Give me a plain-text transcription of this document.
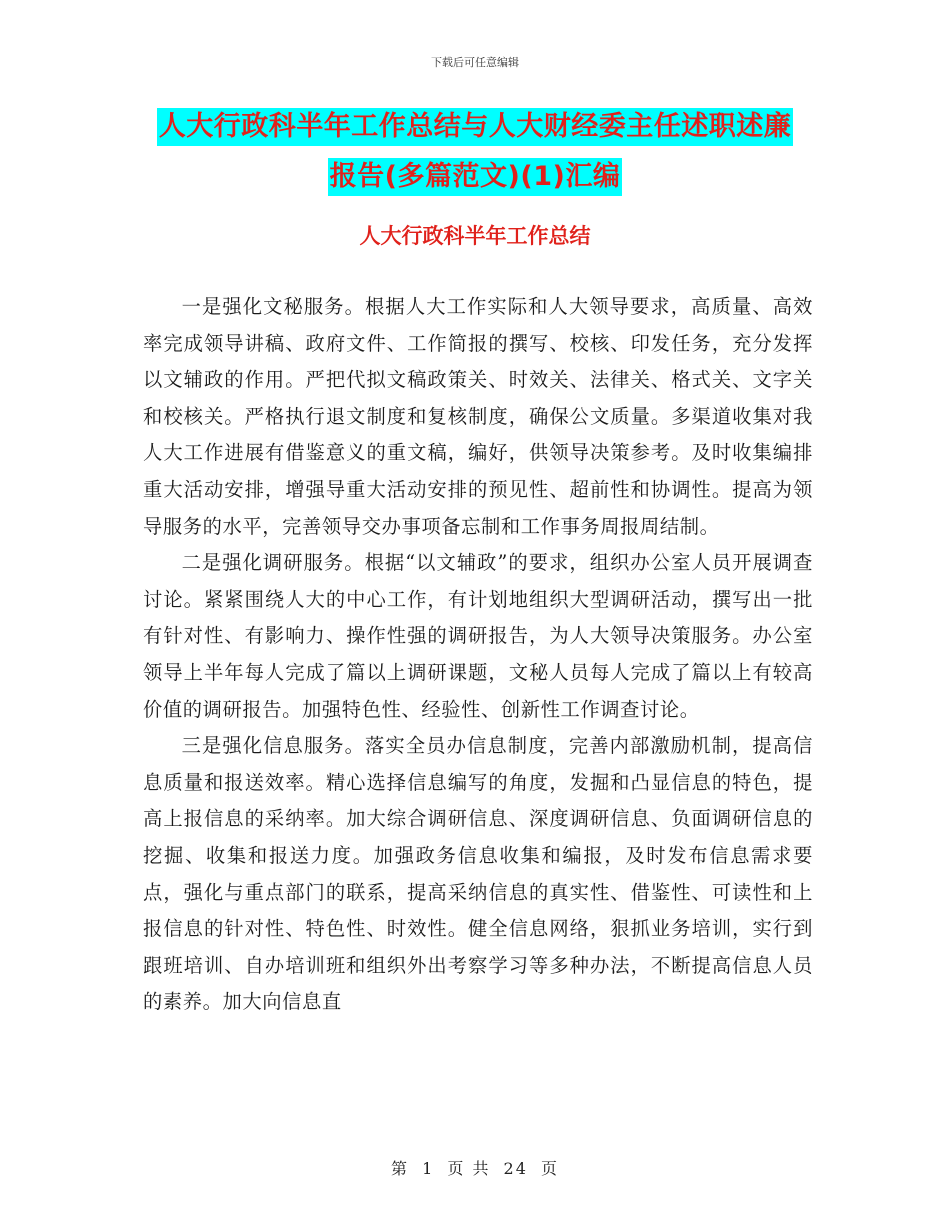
下载后可任意编辑
人大行政科半年工作总结与人大财经委主任述职述廉
报告(多篇范文)(1)汇编
人大行政科半年工作总结

一是强化文秘服务。根据人大工作实际和人大领导要求，高质量、高效率完成领导讲稿、政府文件、工作简报的撰写、校核、印发任务，充分发挥以文辅政的作用。严把代拟文稿政策关、时效关、法律关、格式关、文字关和校核关。严格执行退文制度和复核制度，确保公文质量。多渠道收集对我人大工作进展有借鉴意义的重文稿，编好，供领导决策参考。及时收集编排重大活动安排，增强导重大活动安排的预见性、超前性和协调性。提高为领导服务的水平，完善领导交办事项备忘制和工作事务周报周结制。

二是强化调研服务。根据“以文辅政”的要求，组织办公室人员开展调查讨论。紧紧围绕人大的中心工作，有计划地组织大型调研活动，撰写出一批有针对性、有影响力、操作性强的调研报告，为人大领导决策服务。办公室领导上半年每人完成了篇以上调研课题，文秘人员每人完成了篇以上有较高价值的调研报告。加强特色性、经验性、创新性工作调查讨论。

三是强化信息服务。落实全员办信息制度，完善内部激励机制，提高信息质量和报送效率。精心选择信息编写的角度，发掘和凸显信息的特色，提高上报信息的采纳率。加大综合调研信息、深度调研信息、负面调研信息的挖掘、收集和报送力度。加强政务信息收集和编报，及时发布信息需求要点，强化与重点部门的联系，提高采纳信息的真实性、借鉴性、可读性和上报信息的针对性、特色性、时效性。健全信息网络，狠抓业务培训，实行到跟班培训、自办培训班和组织外出考察学习等多种办法，不断提高信息人员的素养。加大向信息直

第 1 页 共 24 页
